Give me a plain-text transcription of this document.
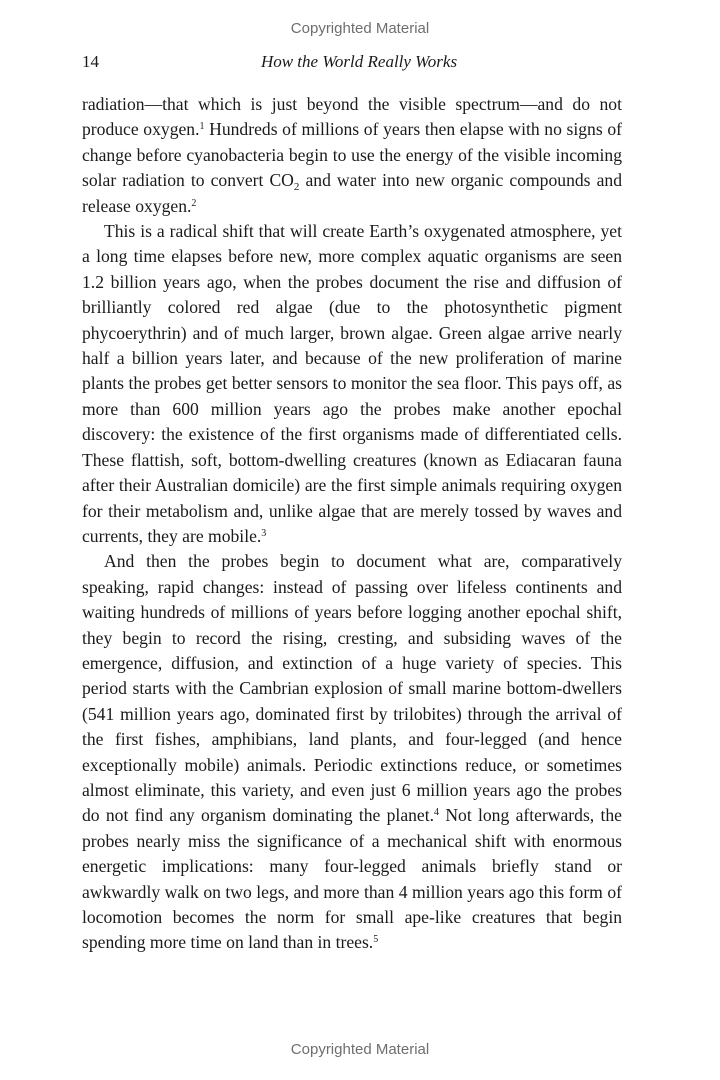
Copyrighted Material
14	How the World Really Works

radiation—that which is just beyond the visible spectrum—and do not produce oxygen.$^1$ Hundreds of millions of years then elapse with no signs of change before cyanobacteria begin to use the energy of the visible incoming solar radiation to convert $CO_2$ and water into new organic compounds and release oxygen.$^2$

This is a radical shift that will create Earth’s oxygenated atmosphere, yet a long time elapses before new, more complex aquatic organisms are seen 1.2 billion years ago, when the probes document the rise and diffusion of brilliantly colored red algae (due to the photosynthetic pigment phycoerythrin) and of much larger, brown algae. Green algae arrive nearly half a billion years later, and because of the new proliferation of marine plants the probes get better sensors to monitor the sea floor. This pays off, as more than 600 million years ago the probes make another epochal discovery: the existence of the first organisms made of differentiated cells. These flattish, soft, bottom-dwelling creatures (known as Ediacaran fauna after their Australian domicile) are the first simple animals requiring oxygen for their metabolism and, unlike algae that are merely tossed by waves and currents, they are mobile.$^3$

And then the probes begin to document what are, comparatively speaking, rapid changes: instead of passing over lifeless continents and waiting hundreds of millions of years before logging another epochal shift, they begin to record the rising, cresting, and subsiding waves of the emergence, diffusion, and extinction of a huge variety of species. This period starts with the Cambrian explosion of small marine bottom-dwellers (541 million years ago, dominated first by trilobites) through the arrival of the first fishes, amphibians, land plants, and four-legged (and hence exceptionally mobile) animals. Periodic extinctions reduce, or sometimes almost eliminate, this variety, and even just 6 million years ago the probes do not find any organism dominating the planet.$^4$ Not long afterwards, the probes nearly miss the significance of a mechanical shift with enormous energetic implications: many four-legged animals briefly stand or awkwardly walk on two legs, and more than 4 million years ago this form of locomotion becomes the norm for small ape-like creatures that begin spending more time on land than in trees.$^5$

Copyrighted Material
